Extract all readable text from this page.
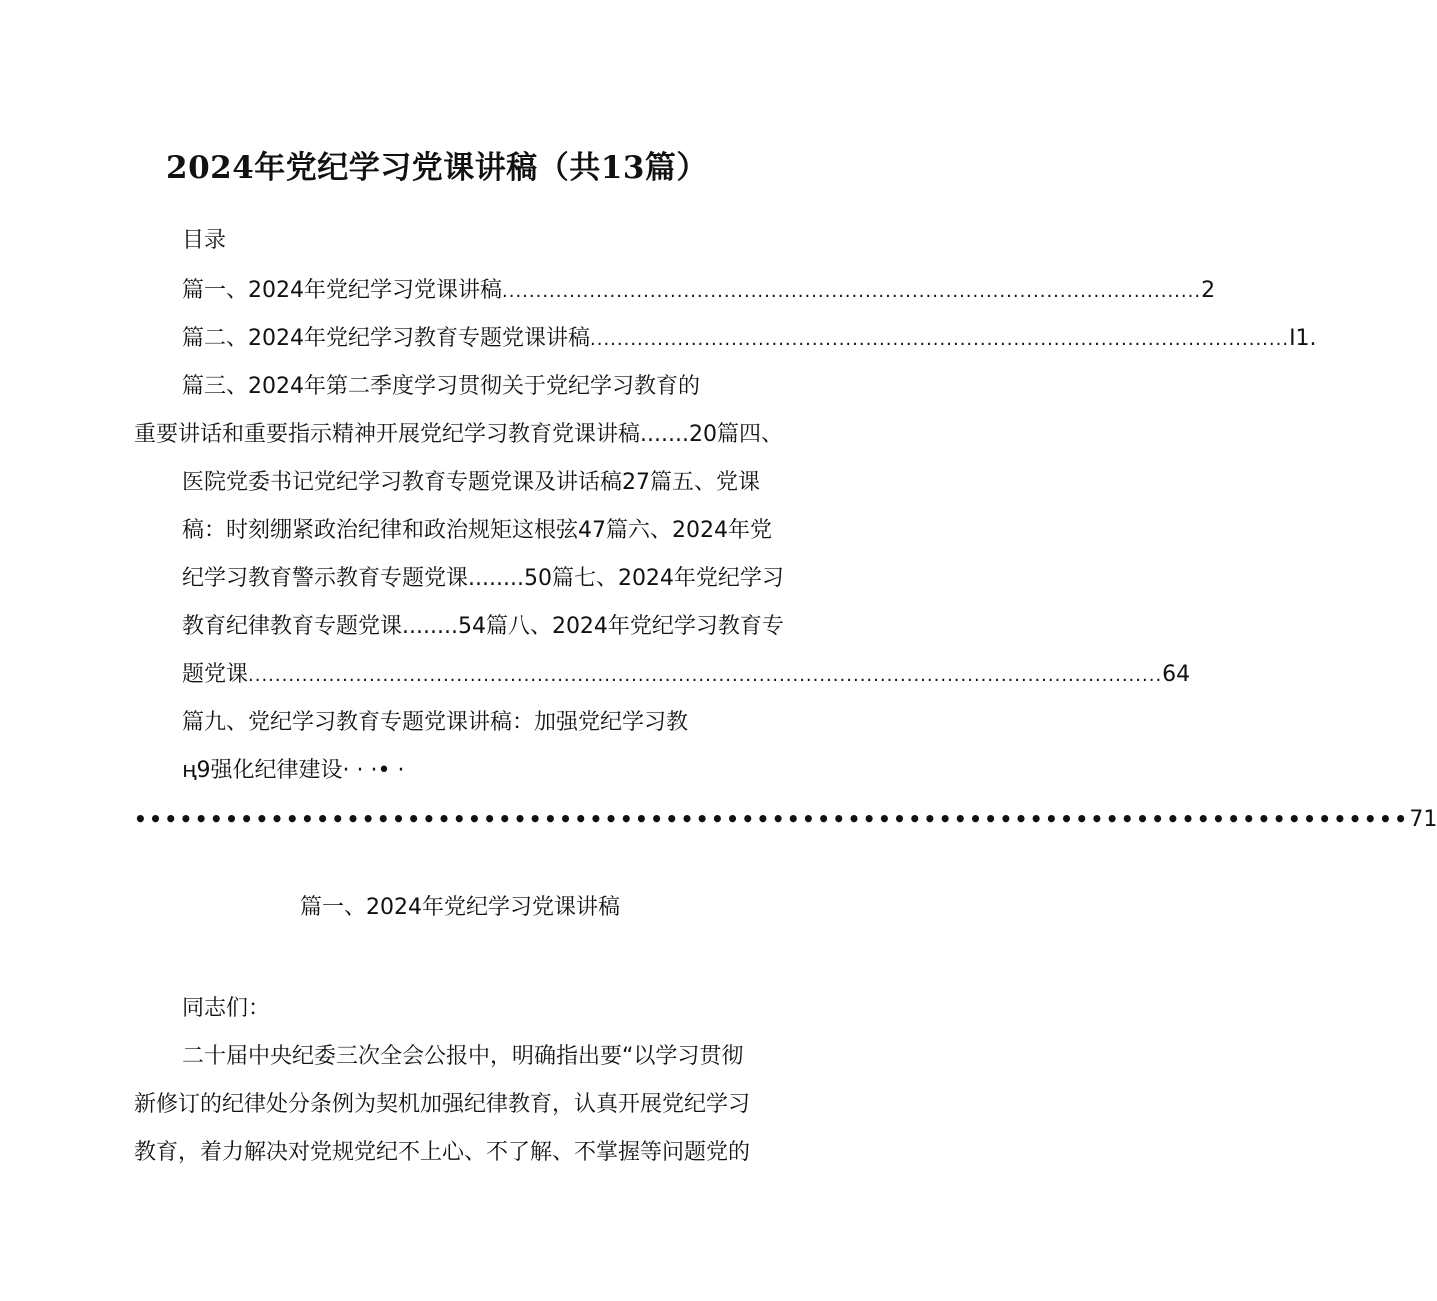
2024年党纪学习党课讲稿（共13篇）
目录
篇一、2024年党纪学习党课讲稿 ........................................................................................................ 2
篇二、2024年党纪学习教育专题党课讲稿 ........................................................................................................ I1.
篇三、2024年第二季度学习贯彻关于党纪学习教育的
重要讲话和重要指示精神开展党纪学习教育党课讲稿.......20篇四、
医院党委书记党纪学习教育专题党课及讲话稿27篇五、党课
稿：时刻绷紧政治纪律和政治规矩这根弦47篇六、2024年党
纪学习教育警示教育专题党课........50篇七、2024年党纪学习
教育纪律教育专题党课........54篇八、2024年党纪学习教育专
题党课 ........................................................................................................................................ 64
篇九、党纪学习教育专题党课讲稿：加强党纪学习教
ң9强化纪律建设· · ·• ·
•••••••••••••••••••••••••••••••••••••••••••••••••••••••••••••••••••••••••••••••••••• 71
篇一、2024年党纪学习党课讲稿
同志们：
二十届中央纪委三次全会公报中，明确指出要“以学习贯彻
新修订的纪律处分条例为契机加强纪律教育，认真开展党纪学习
教育，着力解决对党规党纪不上心、不了解、不掌握等问题党的
